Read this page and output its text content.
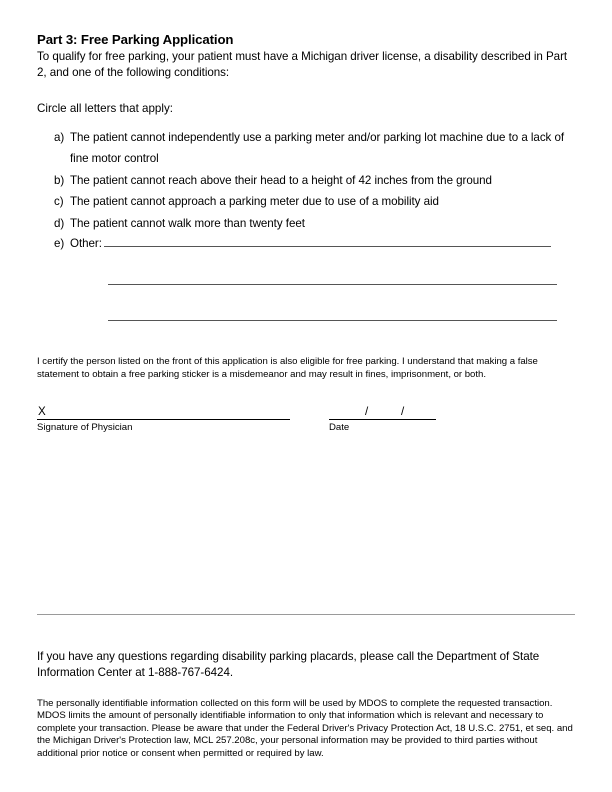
Part 3: Free Parking Application

To qualify for free parking, your patient must have a Michigan driver license, a disability described in Part 2, and one of the following conditions:

Circle all letters that apply:

a) The patient cannot independently use a parking meter and/or parking lot machine due to a lack of fine motor control
b) The patient cannot reach above their head to a height of 42 inches from the ground
c) The patient cannot approach a parking meter due to use of a mobility aid
d) The patient cannot walk more than twenty feet
e) Other:

I certify the person listed on the front of this application is also eligible for free parking. I understand that making a false statement to obtain a free parking sticker is a misdemeanor and may result in fines, imprisonment, or both.

X
Signature of Physician
/	/
Date

If you have any questions regarding disability parking placards, please call the Department of State Information Center at 1-888-767-6424.

The personally identifiable information collected on this form will be used by MDOS to complete the requested transaction. MDOS limits the amount of personally identifiable information to only that information which is relevant and necessary to complete your transaction. Please be aware that under the Federal Driver's Privacy Protection Act, 18 U.S.C. 2751, et seq. and the Michigan Driver's Protection law, MCL 257.208c, your personal information may be provided to third parties without additional prior notice or consent when permitted or required by law.
